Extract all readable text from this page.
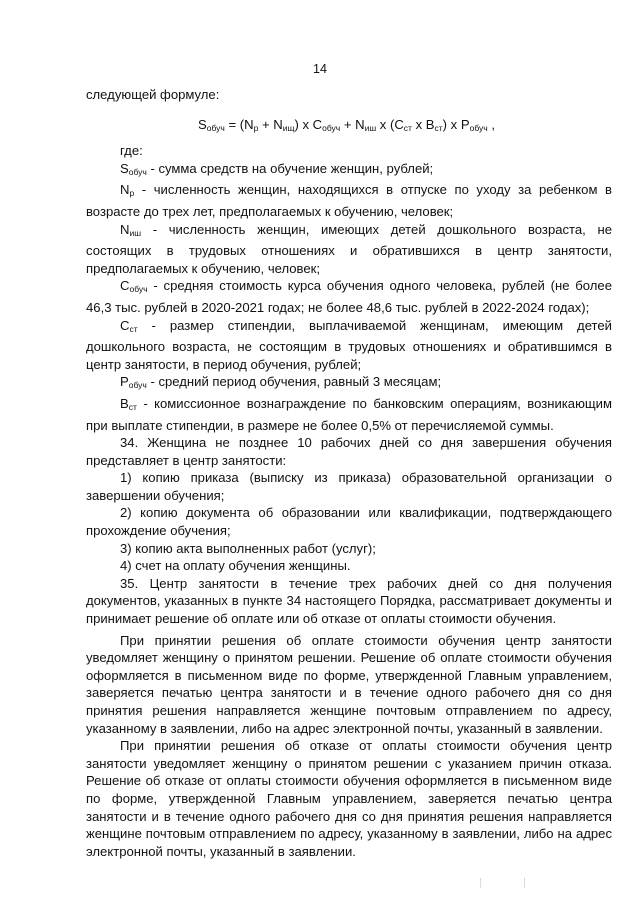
14

следующей формуле:

$S_{обуч} = (N_р + N_{ищ})$ х $С_{обуч} + N_{иш}$ х ($С_{ст}$ х $В_{ст}$) х $Р_{обуч}$ ,

где:

$S_{обуч}$ - сумма средств на обучение женщин, рублей;

$N_р$ - численность женщин, находящихся в отпуске по уходу за ребенком в возрасте до трех лет, предполагаемых к обучению, человек;

$N_{иш}$ - численность женщин, имеющих детей дошкольного возраста, не состоящих в трудовых отношениях и обратившихся в центр занятости, предполагаемых к обучению, человек;

$С_{обуч}$ - средняя стоимость курса обучения одного человека, рублей (не более 46,3 тыс. рублей в 2020-2021 годах; не более 48,6 тыс. рублей в 2022-2024 годах);

$С_{ст}$ - размер стипендии, выплачиваемой женщинам, имеющим детей дошкольного возраста, не состоящим в трудовых отношениях и обратившимся в центр занятости, в период обучения, рублей;

$Р_{обуч}$ - средний период обучения, равный 3 месяцам;

$В_{ст}$ - комиссионное вознаграждение по банковским операциям, возникающим при выплате стипендии, в размере не более 0,5% от перечисляемой суммы.

34. Женщина не позднее 10 рабочих дней со дня завершения обучения представляет в центр занятости:

1) копию приказа (выписку из приказа) образовательной организации о завершении обучения;

2) копию документа об образовании или квалификации, подтверждающего прохождение обучения;

3) копию акта выполненных работ (услуг);

4) счет на оплату обучения женщины.

35. Центр занятости в течение трех рабочих дней со дня получения документов, указанных в пункте 34 настоящего Порядка, рассматривает документы и принимает решение об оплате или об отказе от оплаты стоимости обучения.

При принятии решения об оплате стоимости обучения центр занятости уведомляет женщину о принятом решении. Решение об оплате стоимости обучения оформляется в письменном виде по форме, утвержденной Главным управлением, заверяется печатью центра занятости и в течение одного рабочего дня со дня принятия решения направляется женщине почтовым отправлением по адресу, указанному в заявлении, либо на адрес электронной почты, указанный в заявлении.

При принятии решения об отказе от оплаты стоимости обучения центр занятости уведомляет женщину о принятом решении с указанием причин отказа. Решение об отказе от оплаты стоимости обучения оформляется в письменном виде по форме, утвержденной Главным управлением, заверяется печатью центра занятости и в течение одного рабочего дня со дня принятия решения направляется женщине почтовым отправлением по адресу, указанному в заявлении, либо на адрес электронной почты, указанный в заявлении.

┊ ┊
